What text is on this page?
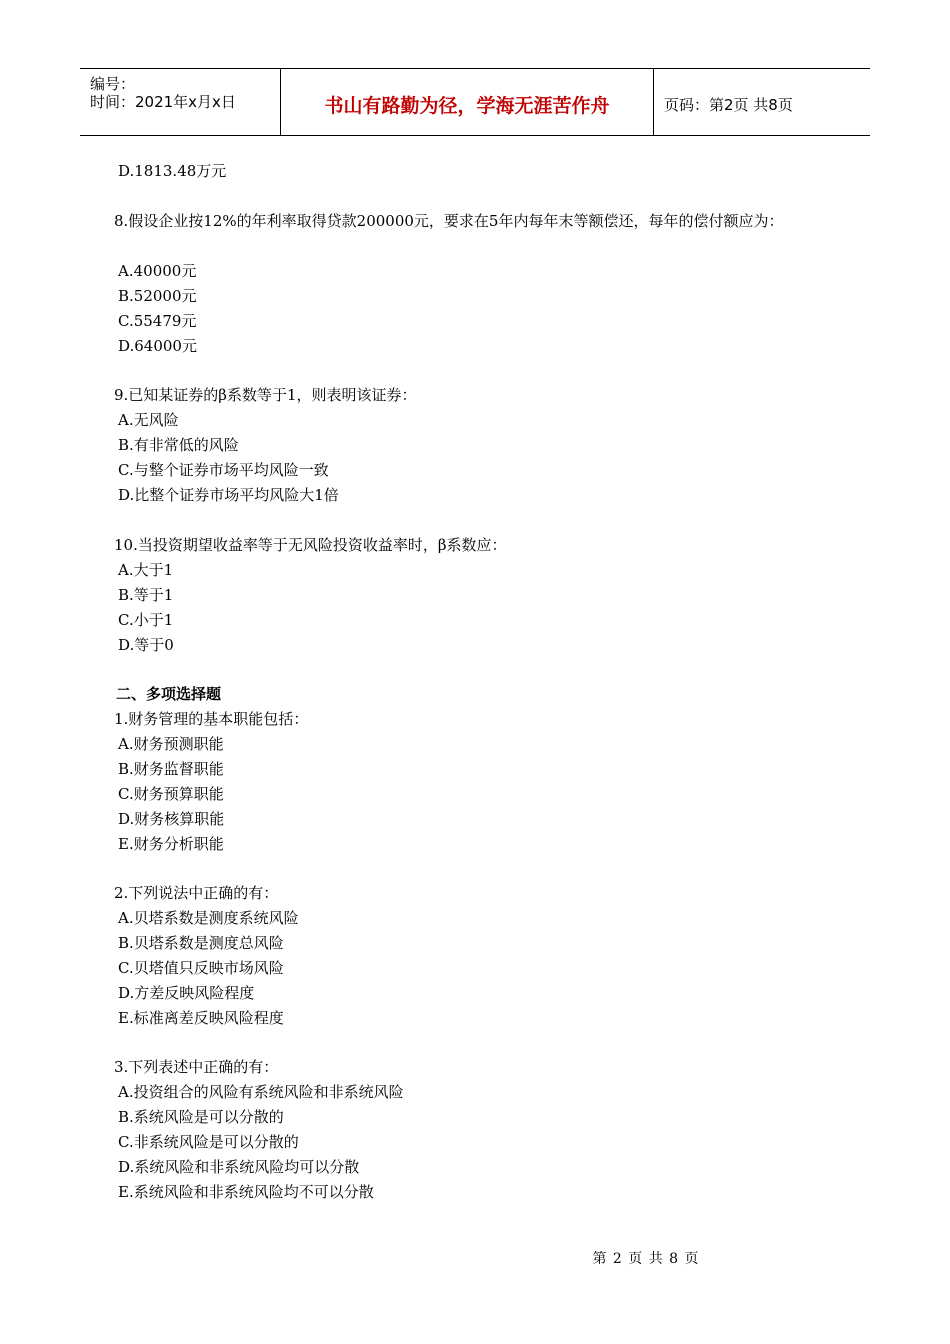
编号：
时间：2021年x月x日	书山有路勤为径，学海无涯苦作舟	页码：第2页 共8页
D.1813.48万元
8.假设企业按12%的年利率取得贷款200000元，要求在5年内每年末等额偿还，每年的偿付额应为：
A.40000元
B.52000元
C.55479元
D.64000元
9.已知某证券的β系数等于1，则表明该证券：
A.无风险
B.有非常低的风险
C.与整个证券市场平均风险一致
D.比整个证券市场平均风险大1倍
10.当投资期望收益率等于无风险投资收益率时，β系数应：
A.大于1
B.等于1
C.小于1
D.等于0
二、多项选择题
1.财务管理的基本职能包括：
A.财务预测职能
B.财务监督职能
C.财务预算职能
D.财务核算职能
E.财务分析职能
2.下列说法中正确的有：
A.贝塔系数是测度系统风险
B.贝塔系数是测度总风险
C.贝塔值只反映市场风险
D.方差反映风险程度
E.标准离差反映风险程度
3.下列表述中正确的有：
A.投资组合的风险有系统风险和非系统风险
B.系统风险是可以分散的
C.非系统风险是可以分散的
D.系统风险和非系统风险均可以分散
E.系统风险和非系统风险均不可以分散
第 2 页 共 8 页
